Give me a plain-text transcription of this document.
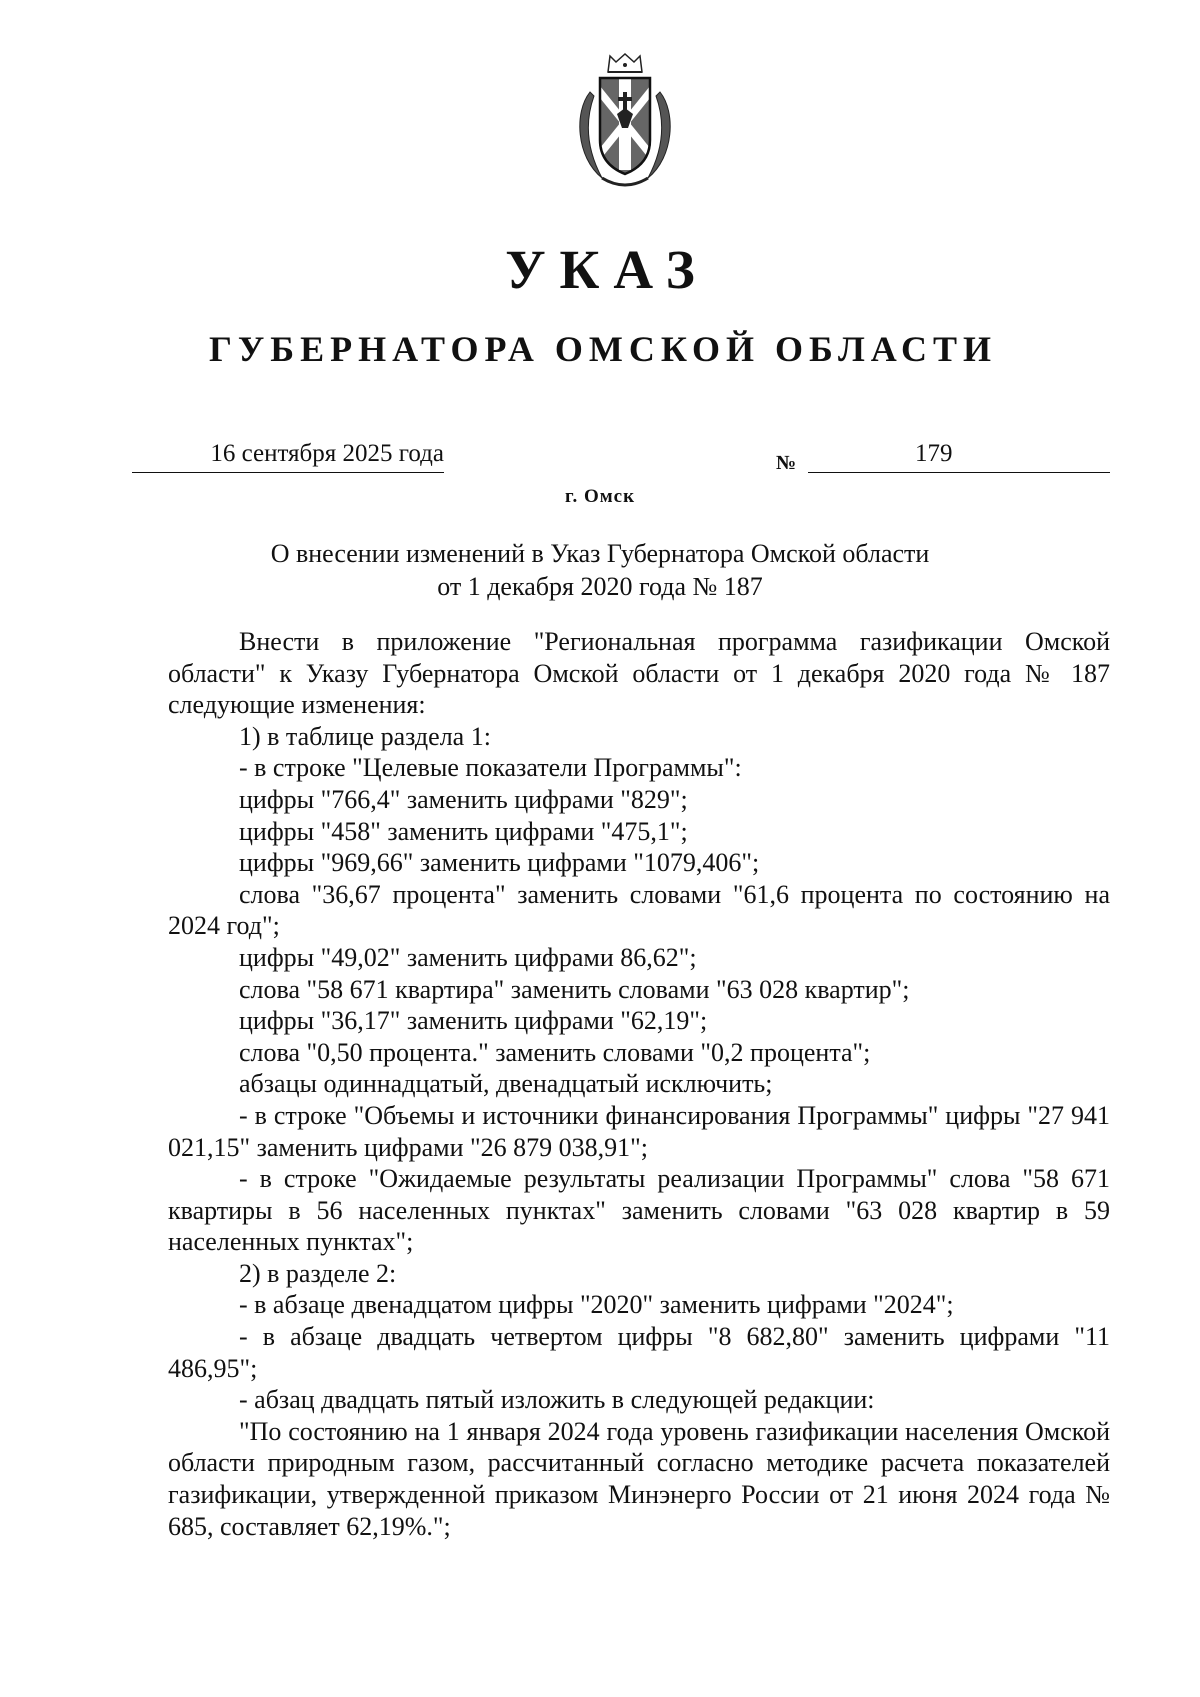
УКАЗ
ГУБЕРНАТОРА ОМСКОЙ ОБЛАСТИ
16 сентября 2025 года	№	179
г. Омск
О внесении изменений в Указ Губернатора Омской области
от 1 декабря 2020 года № 187

Внести в приложение "Региональная программа газификации Омской области" к Указу Губернатора Омской области от 1 декабря 2020 года № 187 следующие изменения:

1) в таблице раздела 1:

- в строке "Целевые показатели Программы":

цифры "766,4" заменить цифрами "829";

цифры "458" заменить цифрами "475,1";

цифры "969,66" заменить цифрами "1079,406";

слова "36,67 процента" заменить словами "61,6 процента по состоянию на 2024 год";

цифры "49,02" заменить цифрами 86,62";

слова "58 671 квартира" заменить словами "63 028 квартир";

цифры "36,17" заменить цифрами "62,19";

слова "0,50 процента." заменить словами "0,2 процента";

абзацы одиннадцатый, двенадцатый исключить;

- в строке "Объемы и источники финансирования Программы" цифры "27 941 021,15" заменить цифрами "26 879 038,91";

- в строке "Ожидаемые результаты реализации Программы" слова "58 671 квартиры в 56 населенных пунктах" заменить словами "63 028 квартир в 59 населенных пунктах";

2) в разделе 2:

- в абзаце двенадцатом цифры "2020" заменить цифрами "2024";

- в абзаце двадцать четвертом цифры "8 682,80" заменить цифрами "11 486,95";

- абзац двадцать пятый изложить в следующей редакции:

"По состоянию на 1 января 2024 года уровень газификации населения Омской области природным газом, рассчитанный согласно методике расчета показателей газификации, утвержденной приказом Минэнерго России от 21 июня 2024 года № 685, составляет 62,19%.";
